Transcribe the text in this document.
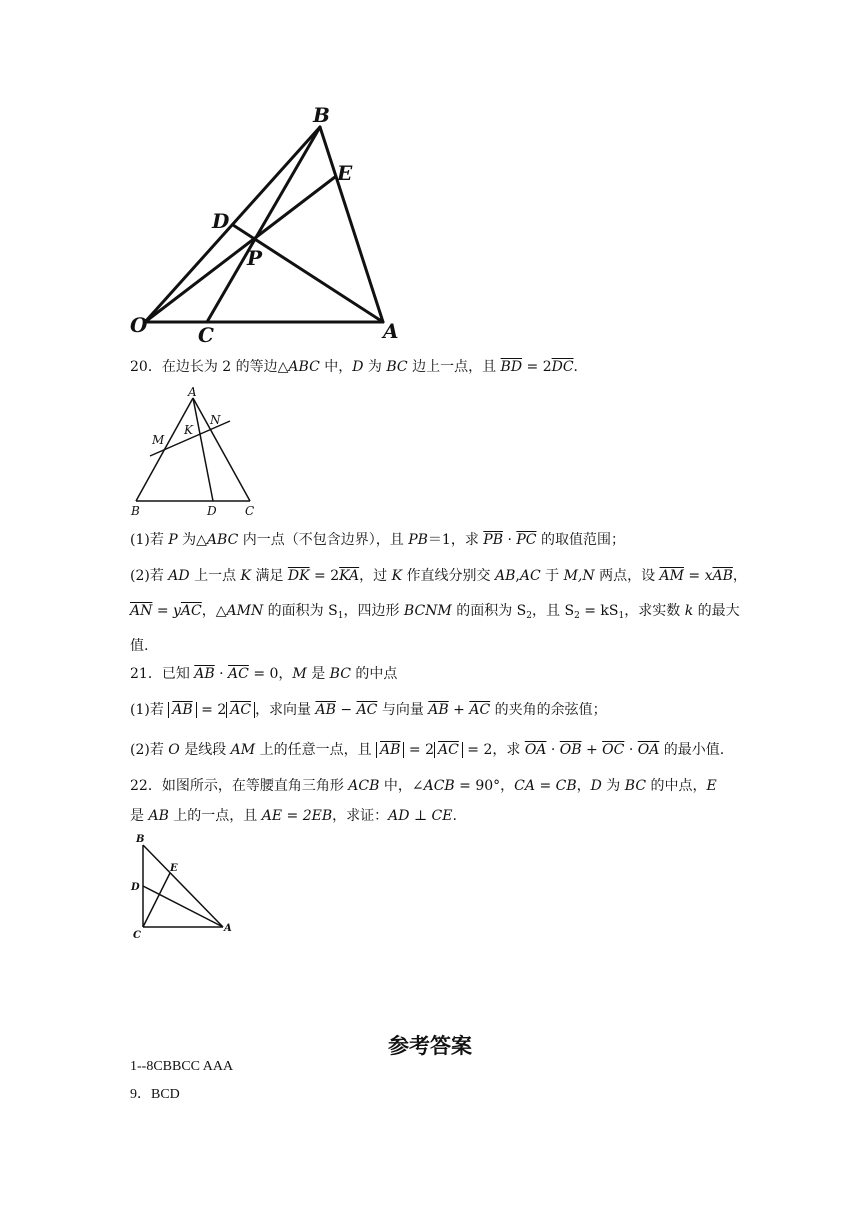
B
E
D
P
O	C	A
20．在边长为 2 的等边△ABC 中，D 为 BC 边上一点，且 $\overline{BD} = 2\overline{DC}$．
A
N
M
K
B	D C
(1)若 P 为△ABC 内一点（不包含边界），且 PB＝1，求 $\overline{PB} \cdot \overline{PC}$ 的取值范围；
(2)若 AD 上一点 K 满足 $\overline{DK} = 2\overline{KA}$，过 K 作直线分别交 AB,AC 于 M,N 两点，设 $\overline{AM} = x\overline{AB}$，
$\overline{AN} = y\overline{AC}$，△AMN 的面积为 $S_1$，四边形 BCNM 的面积为 $S_2$，且 $S_2 = kS_1$，求实数 k 的最大
值.
21．已知 $\overline{AB} \cdot \overline{AC} = 0$，M 是 BC 的中点
(1)若 $\overline{AB} = 2$ $\overline{AC}$ ，求向量 $\overline{AB} - \overline{AC}$ 与向量 $\overline{AB} + \overline{AC}$ 的夹角的余弦值；
(2)若 O 是线段 AM 上的任意一点，且 $\overline{AB} = 2$ $\overline{AC} = 2$，求 $\overline{OA} \cdot \overline{OB} + \overline{OC} \cdot \overline{OA}$ 的最小值.
22．如图所示，在等腰直角三角形 ACB 中，∠ACB = 90°，CA = CB，D 为 BC 的中点，E
是 AB 上的一点，且 AE = 2EB，求证：AD ⊥ CE.
B
E
D
C
A
参考答案
1--8CBBCC AAA
9．BCD
